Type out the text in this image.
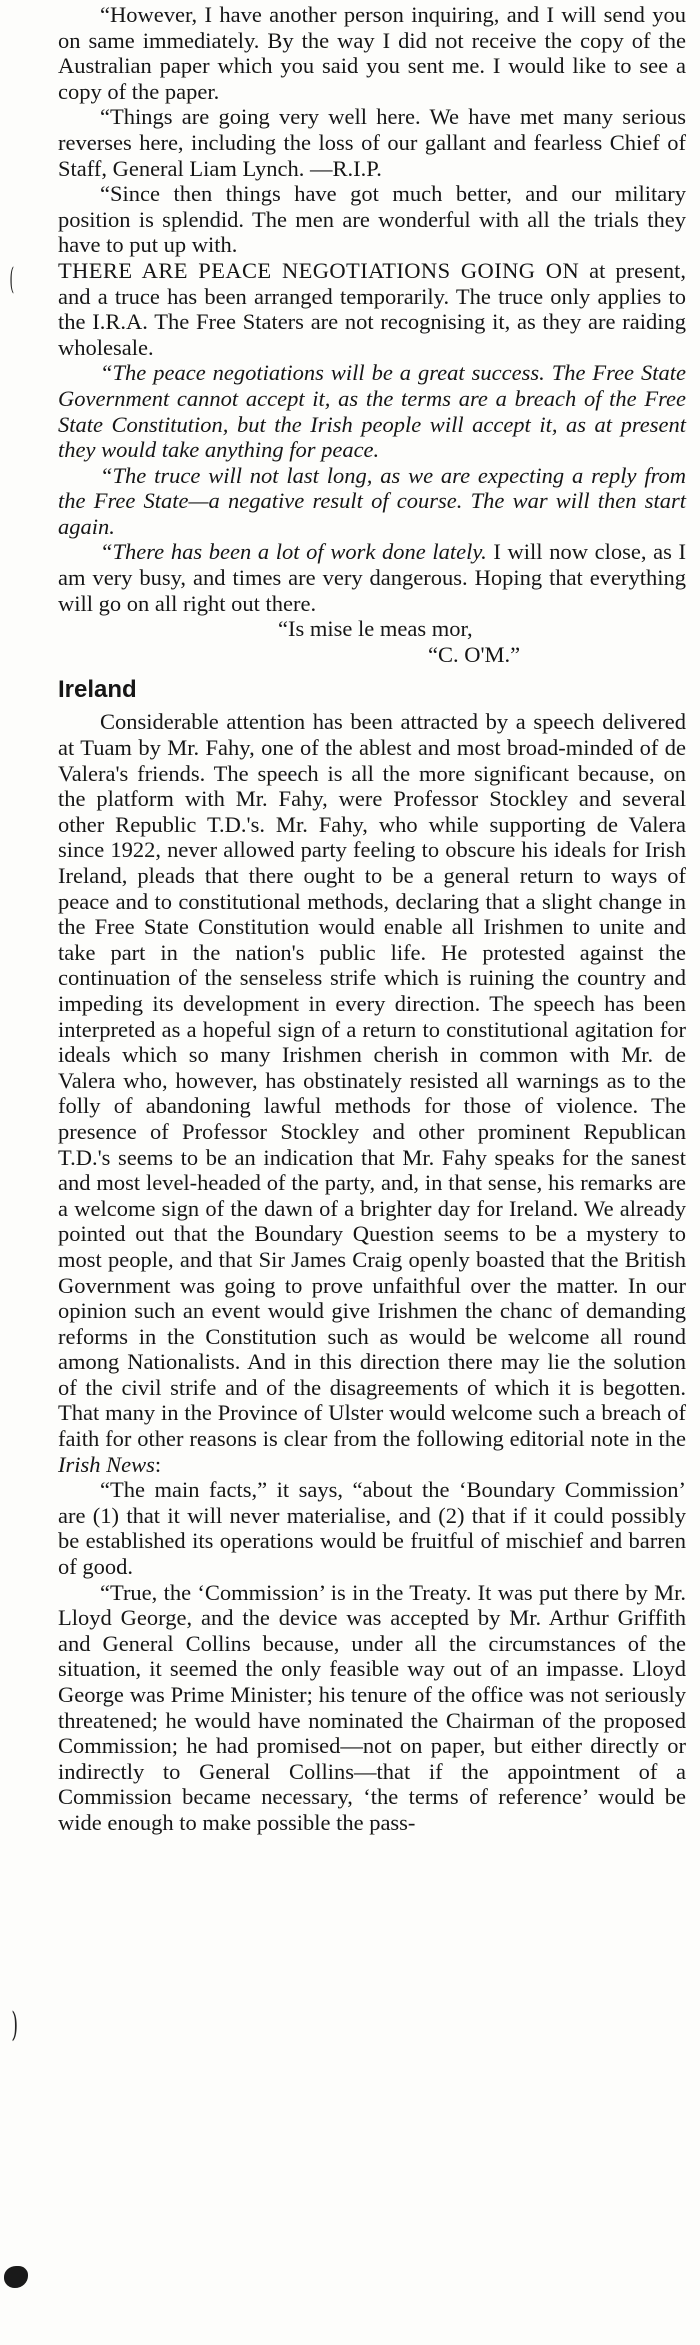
(
)

“However, I have another person inquiring, and I will send you on same immediately. By the way I did not receive the copy of the Australian paper which you said you sent me. I would like to see a copy of the paper.

“Things are going very well here. We have met many serious reverses here, including the loss of our gallant and fearless Chief of Staff, General Liam Lynch. —R.I.P.

“Since then things have got much better, and our military position is splendid. The men are wonderful with all the trials they have to put up with.

THERE ARE PEACE NEGOTIATIONS GOING ON at present, and a truce has been arranged temporarily. The truce only applies to the I.R.A. The Free Staters are not recognising it, as they are raiding wholesale.

“The peace negotiations will be a great success. The Free State Government cannot accept it, as the terms are a breach of the Free State Constitution, but the Irish people will accept it, as at present they would take anything for peace.

“The truce will not last long, as we are expecting a reply from the Free State—a negative result of course. The war will then start again.

“There has been a lot of work done lately. I will now close, as I am very busy, and times are very dangerous. Hoping that everything will go on all right out there.

“Is mise le meas mor,

“C. O'M.”

Ireland

Considerable attention has been attracted by a speech delivered at Tuam by Mr. Fahy, one of the ablest and most broad-minded of de Valera's friends. The speech is all the more significant because, on the platform with Mr. Fahy, were Professor Stockley and several other Republic T.D.'s. Mr. Fahy, who while supporting de Valera since 1922, never allowed party feeling to obscure his ideals for Irish Ireland, pleads that there ought to be a general return to ways of peace and to constitutional methods, declaring that a slight change in the Free State Constitution would enable all Irishmen to unite and take part in the nation's public life. He protested against the continuation of the senseless strife which is ruining the country and impeding its development in every direction. The speech has been interpreted as a hopeful sign of a return to constitutional agitation for ideals which so many Irishmen cherish in common with Mr. de Valera who, however, has obstinately resisted all warnings as to the folly of abandoning lawful methods for those of violence. The presence of Professor Stockley and other prominent Republican T.D.'s seems to be an indication that Mr. Fahy speaks for the sanest and most level-headed of the party, and, in that sense, his remarks are a welcome sign of the dawn of a brighter day for Ireland. We already pointed out that the Boundary Question seems to be a mystery to most people, and that Sir James Craig openly boasted that the British Government was going to prove unfaithful over the matter. In our opinion such an event would give Irishmen the chanc of demanding reforms in the Constitution such as would be welcome all round among Nationalists. And in this direction there may lie the solution of the civil strife and of the disagreements of which it is begotten. That many in the Province of Ulster would welcome such a breach of faith for other reasons is clear from the following editorial note in the Irish News:

“The main facts,” it says, “about the ‘Boundary Commission’ are (1) that it will never materialise, and (2) that if it could possibly be established its operations would be fruitful of mischief and barren of good.

“True, the ‘Commission’ is in the Treaty. It was put there by Mr. Lloyd George, and the device was accepted by Mr. Arthur Griffith and General Collins because, under all the circumstances of the situation, it seemed the only feasible way out of an impasse. Lloyd George was Prime Minister; his tenure of the office was not seriously threatened; he would have nominated the Chairman of the proposed Commission; he had promised—not on paper, but either directly or indirectly to General Collins—that if the appointment of a Commission became necessary, ‘the terms of reference’ would be wide enough to make possible the pass-
